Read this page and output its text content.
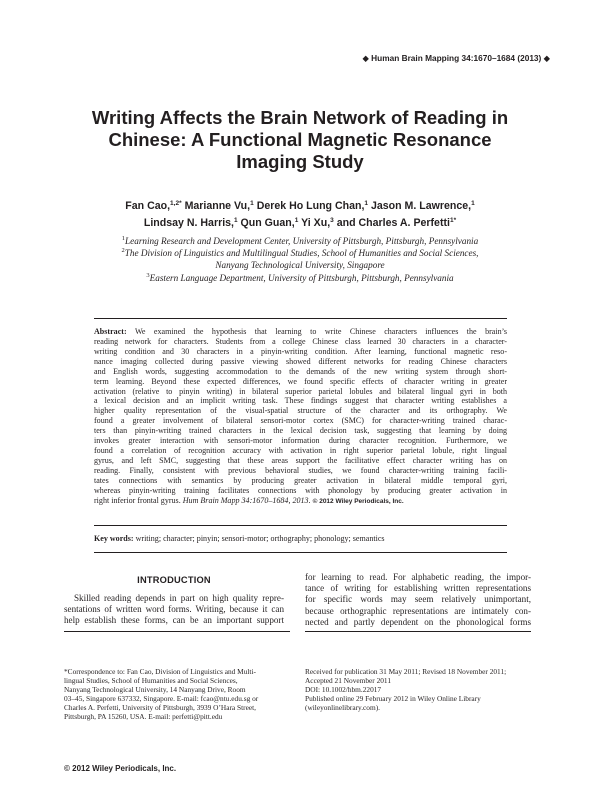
◆ Human Brain Mapping 34:1670–1684 (2013) ◆
Writing Affects the Brain Network of Reading in
Chinese: A Functional Magnetic Resonance
Imaging Study
Fan Cao,$^{1,2*}$ Marianne Vu,$^1$ Derek Ho Lung Chan,$^1$ Jason M. Lawrence,$^1$
Lindsay N. Harris,$^1$ Qun Guan,$^1$ Yi Xu,$^3$ and Charles A. Perfetti$^{1*}$
$^1$Learning Research and Development Center, University of Pittsburgh, Pittsburgh, Pennsylvania
$^2$The Division of Linguistics and Multilingual Studies, School of Humanities and Social Sciences,
Nanyang Technological University, Singapore
$^3$Eastern Language Department, University of Pittsburgh, Pittsburgh, Pennsylvania
Abstract: We examined the hypothesis that learning to write Chinese characters influences the brain’s
reading network for characters. Students from a college Chinese class learned 30 characters in a character-
writing condition and 30 characters in a pinyin-writing condition. After learning, functional magnetic reso-
nance imaging collected during passive viewing showed different networks for reading Chinese characters
and English words, suggesting accommodation to the demands of the new writing system through short-
term learning. Beyond these expected differences, we found specific effects of character writing in greater
activation (relative to pinyin writing) in bilateral superior parietal lobules and bilateral lingual gyri in both
a lexical decision and an implicit writing task. These findings suggest that character writing establishes a
higher quality representation of the visual-spatial structure of the character and its orthography. We
found a greater involvement of bilateral sensori-motor cortex (SMC) for character-writing trained charac-
ters than pinyin-writing trained characters in the lexical decision task, suggesting that learning by doing
invokes greater interaction with sensori-motor information during character recognition. Furthermore, we
found a correlation of recognition accuracy with activation in right superior parietal lobule, right lingual
gyrus, and left SMC, suggesting that these areas support the facilitative effect character writing has on
reading. Finally, consistent with previous behavioral studies, we found character-writing training facili-
tates connections with semantics by producing greater activation in bilateral middle temporal gyri,
whereas pinyin-writing training facilitates connections with phonology by producing greater activation in
right inferior frontal gyrus. Hum Brain Mapp 34:1670–1684, 2013. © 2012 Wiley Periodicals, Inc.
Key words: writing; character; pinyin; sensori-motor; orthography; phonology; semantics
INTRODUCTION
Skilled reading depends in part on high quality repre-
sentations of written word forms. Writing, because it can
help establish these forms, can be an important support
for learning to read. For alphabetic reading, the impor-
tance of writing for establishing written representations
for specific words may seem relatively unimportant,
because orthographic representations are intimately con-
nected and partly dependent on the phonological forms
*Correspondence to: Fan Cao, Division of Linguistics and Multi-
lingual Studies, School of Humanities and Social Sciences,
Nanyang Technological University, 14 Nanyang Drive, Room
03–45, Singapore 637332, Singapore. E-mail: fcao@ntu.edu.sg or
Charles A. Perfetti, University of Pittsburgh, 3939 O’Hara Street,
Pittsburgh, PA 15260, USA. E-mail: perfetti@pitt.edu
Received for publication 31 May 2011; Revised 18 November 2011;
Accepted 21 November 2011
DOI: 10.1002/hbm.22017
Published online 29 February 2012 in Wiley Online Library
(wileyonlinelibrary.com).
© 2012 Wiley Periodicals, Inc.
